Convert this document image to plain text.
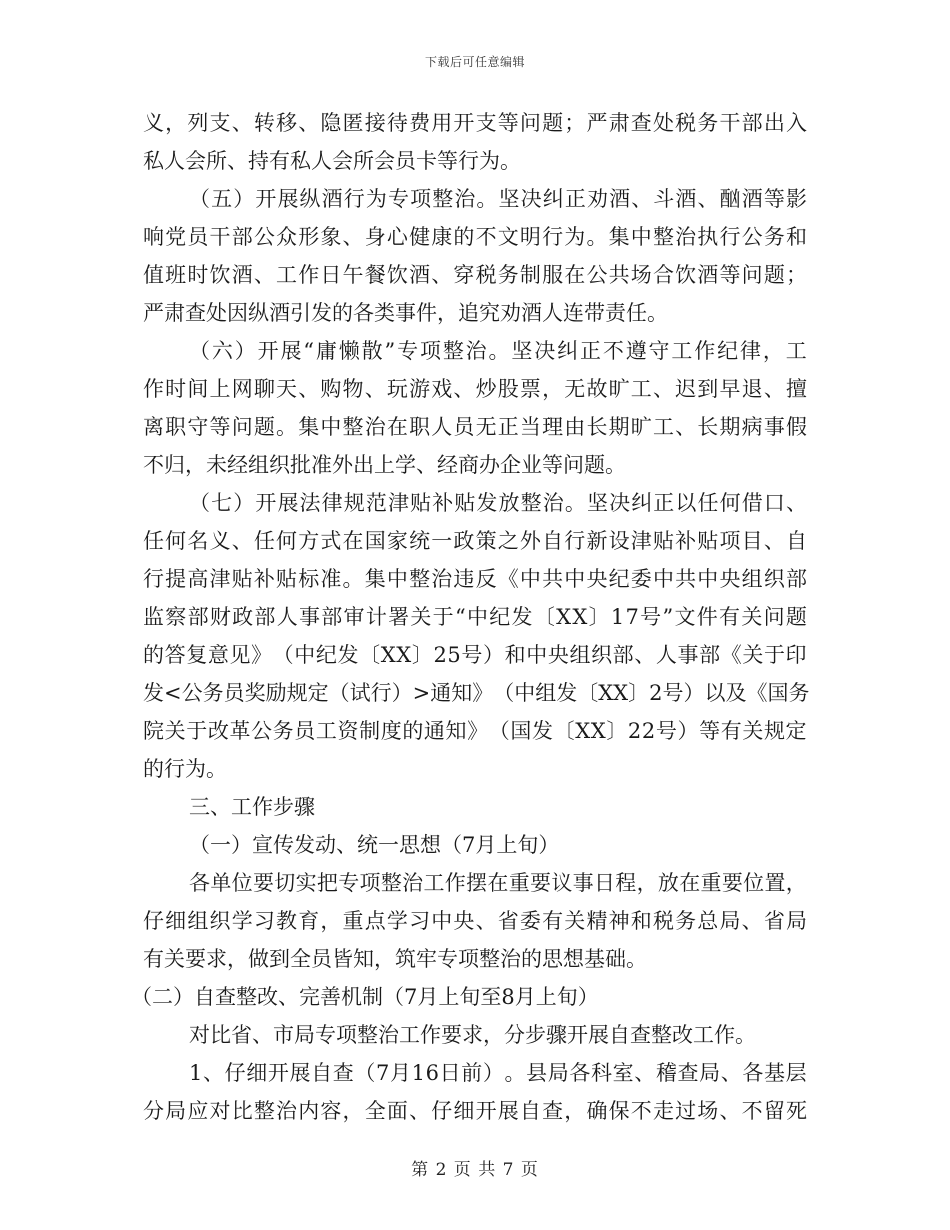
下载后可任意编辑
义 ， 列 支 、 转 移 、 隐 匿 接 待 费 用 开 支 等 问 题 ； 严 肃 查 处 税 务 干 部 出 入
私人会所、持有私人会所会员卡等行为。
（ 五 ） 开 展 纵 酒 行 为 专 项 整 治 。 坚 决 纠 正 劝 酒 、 斗 酒 、 酗 酒 等 影
响 党 员 干 部 公 众 形 象 、 身 心 健 康 的 不 文 明 行 为 。 集 中 整 治 执 行 公 务 和
值 班 时 饮 酒 、 工 作 日 午 餐 饮 酒 、 穿 税 务 制 服 在 公 共 场 合 饮 酒 等 问 题 ；
严肃查处因纵酒引发的各类事件，追究劝酒人连带责任。
（ 六 ） 开 展 “ 庸 懒 散 ” 专 项 整 治 。 坚 决 纠 正 不 遵 守 工 作 纪 律 ， 工
作 时 间 上 网 聊 天 、 购 物 、 玩 游 戏 、 炒 股 票 ， 无 故 旷 工 、 迟 到 早 退 、 擅
离 职 守 等 问 题 。 集 中 整 治 在 职 人 员 无 正 当 理 由 长 期 旷 工 、 长 期 病 事 假
不归，未经组织批准外出上学、经商办企业等问题。
（ 七 ） 开 展 法 律 规 范 津 贴 补 贴 发 放 整 治 。 坚 决 纠 正 以 任 何 借 口 、
任 何 名 义 、 任 何 方 式 在 国 家 统 一 政 策 之 外 自 行 新 设 津 贴 补 贴 项 目 、 自
行 提 高 津 贴 补 贴 标 准 。 集 中 整 治 违 反 《 中 共 中 央 纪 委 中 共 中 央 组 织 部
监 察 部 财 政 部 人 事 部 审 计 署 关 于 “ 中 纪 发 〔 X X 〕 1 7 号 ” 文 件 有 关 问 题
的 答 复 意 见 》 （ 中 纪 发 〔 X X 〕 2 5 号 ） 和 中 央 组 织 部 、 人 事 部 《 关 于 印
发 < 公 务 员 奖 励 规 定 （ 试 行 ） > 通 知 》 （ 中 组 发 〔 X X 〕 2 号 ） 以 及 《 国 务
院 关 于 改 革 公 务 员 工 资 制 度 的 通 知 》 （ 国 发 〔 X X 〕 2 2 号 ） 等 有 关 规 定
的行为。
三、工作步骤
（一）宣传发动、统一思想（7月上旬）
各 单 位 要 切 实 把 专 项 整 治 工 作 摆 在 重 要 议 事 日 程 ， 放 在 重 要 位 置 ，
仔 细 组 织 学 习 教 育 ， 重 点 学 习 中 央 、 省 委 有 关 精 神 和 税 务 总 局 、 省 局
有关要求，做到全员皆知，筑牢专项整治的思想基础。
（二）自查整改、完善机制（7月上旬至8月上旬）
对比省、市局专项整治工作要求，分步骤开展自查整改工作。
1 、 仔 细 开 展 自 查 （ 7 月 1 6 日 前 ） 。 县 局 各 科 室 、 稽 查 局 、 各 基 层
分 局 应 对 比 整 治 内 容 ， 全 面 、 仔 细 开 展 自 查 ， 确 保 不 走 过 场 、 不 留 死
第 2 页 共 7 页
